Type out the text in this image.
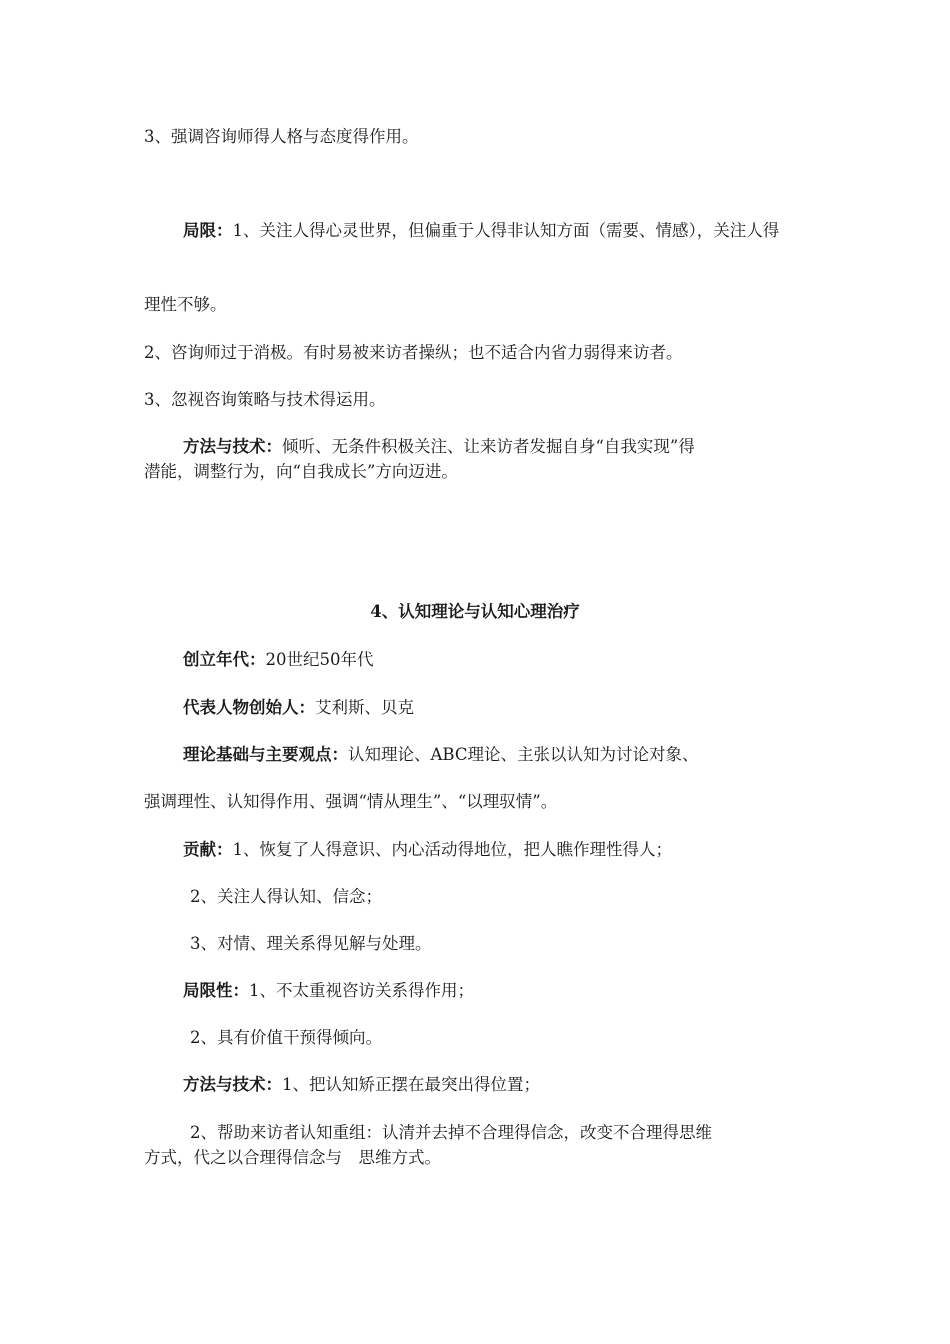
3、强调咨询师得人格与态度得作用。
局限：1、关注人得心灵世界，但偏重于人得非认知方面（需要、情感），关注人得
理性不够。
2、咨询师过于消极。有时易被来访者操纵；也不适合内省力弱得来访者。
3、忽视咨询策略与技术得运用。
方法与技术：倾听、无条件积极关注、让来访者发掘自身“自我实现”得
潜能，调整行为，向“自我成长”方向迈进。
4、认知理论与认知心理治疗
创立年代：20世纪50年代
代表人物创始人：艾利斯、贝克
理论基础与主要观点：认知理论、ABC理论、主张以认知为讨论对象、
强调理性、认知得作用、强调“情从理生”、“以理驭情”。
贡献：1、恢复了人得意识、内心活动得地位，把人瞧作理性得人；
2、关注人得认知、信念；
3、对情、理关系得见解与处理。
局限性：1、不太重视咨访关系得作用；
2、具有价值干预得倾向。
方法与技术：1、把认知矫正摆在最突出得位置；
2、帮助来访者认知重组：认清并去掉不合理得信念，改变不合理得思维
方式，代之以合理得信念与　思维方式。
